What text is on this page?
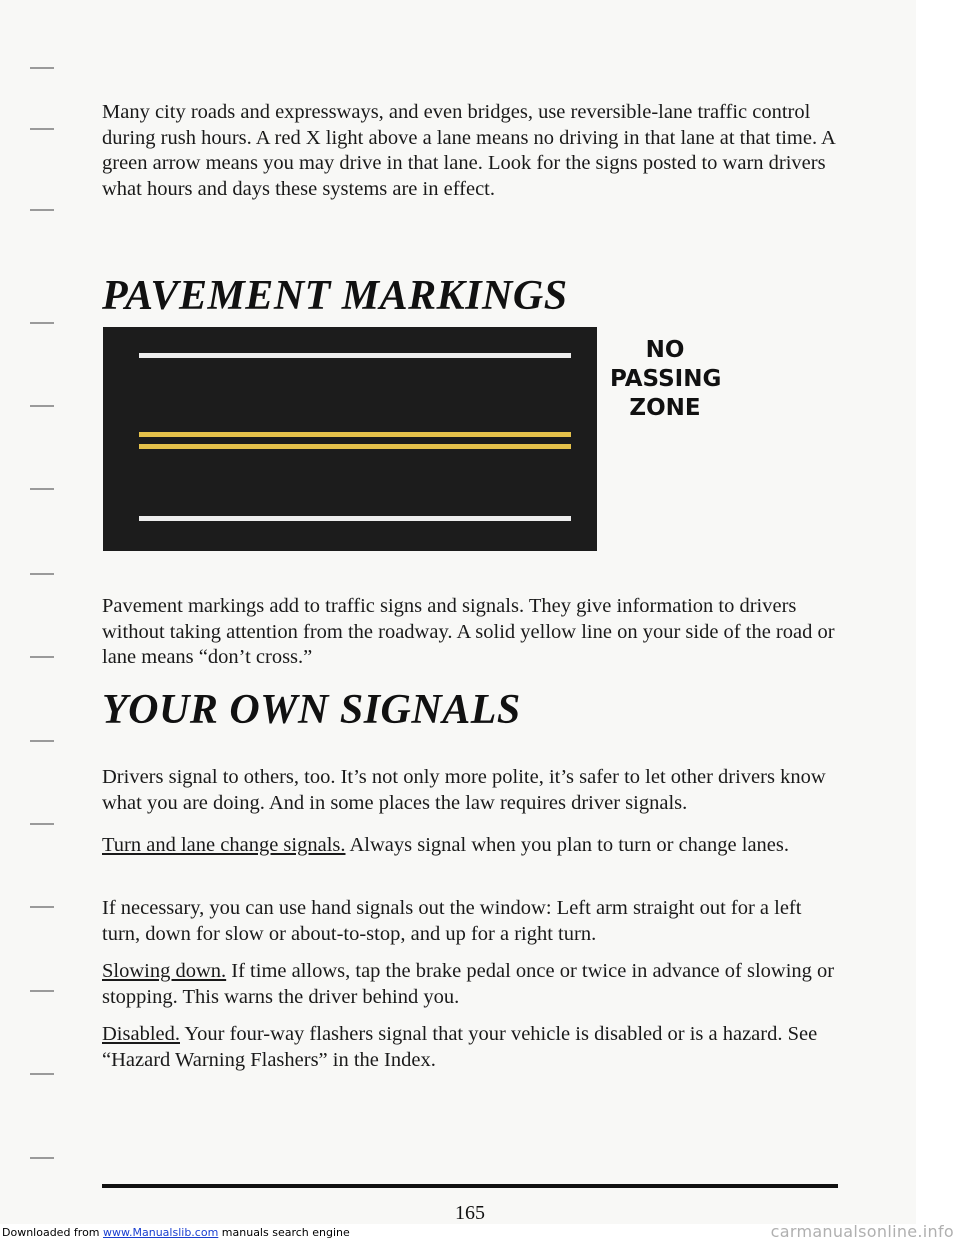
Many city roads and expressways, and even bridges, use reversible-lane traffic control during rush hours. A red X light above a lane means no driving in that lane at that time. A green arrow means you may drive in that lane. Look for the signs posted to warn drivers what hours and days these systems are in effect.

PAVEMENT MARKINGS
NO
PASSING
ZONE

Pavement markings add to traffic signs and signals. They give information to drivers without taking attention from the roadway. A solid yellow line on your side of the road or lane means “don’t cross.”

YOUR OWN SIGNALS

Drivers signal to others, too. It’s not only more polite, it’s safer to let other drivers know what you are doing. And in some places the law requires driver signals.

Turn and lane change signals. Always signal when you plan to turn or change lanes.

If necessary, you can use hand signals out the window: Left arm straight out for a left turn, down for slow or about-to-stop, and up for a right turn.

Slowing down. If time allows, tap the brake pedal once or twice in advance of slowing or stopping. This warns the driver behind you.

Disabled. Your four-way flashers signal that your vehicle is disabled or is a hazard. See “Hazard Warning Flashers” in the Index.

165
Downloaded from www.Manualslib.com manuals search engine	carmanualsonline.info
